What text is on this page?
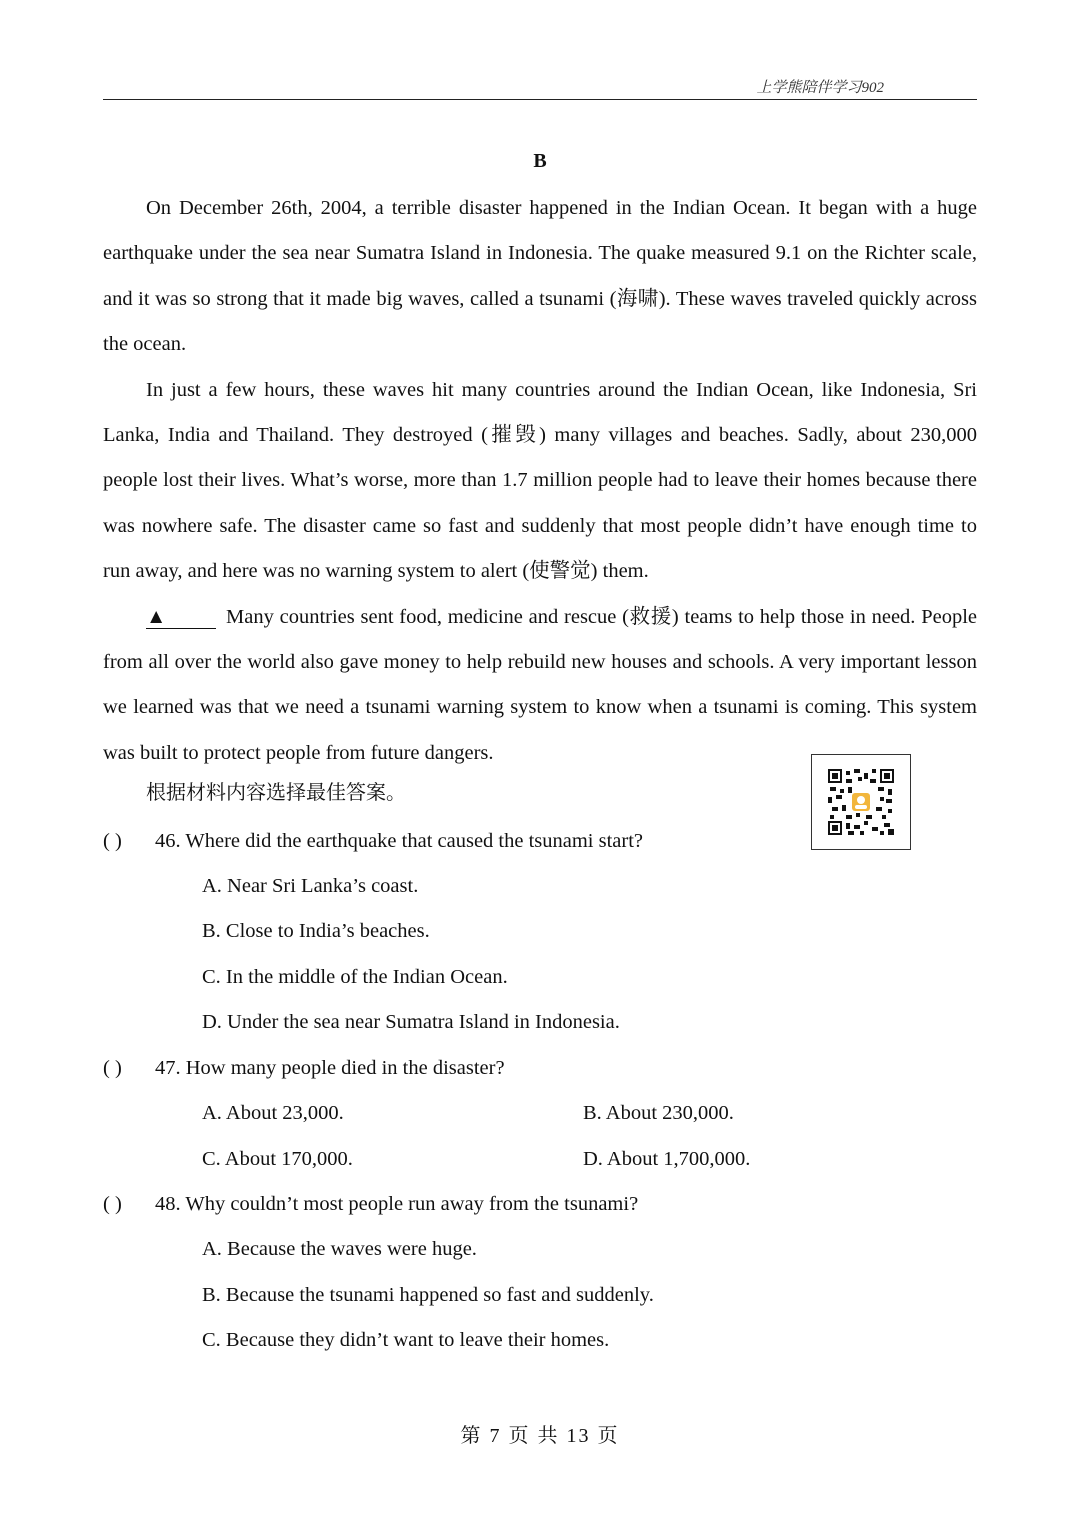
上学熊陪伴学习902
B

On December 26th, 2004, a terrible disaster happened in the Indian Ocean. It began with a huge earthquake under the sea near Sumatra Island in Indonesia. The quake measured 9.1 on the Richter scale, and it was so strong that it made big waves, called a tsunami (海啸). These waves traveled quickly across the ocean.

In just a few hours, these waves hit many countries around the Indian Ocean, like Indonesia, Sri Lanka, India and Thailand. They destroyed (摧毁) many villages and beaches. Sadly, about 230,000 people lost their lives. What’s worse, more than 1.7 million people had to leave their homes because there was nowhere safe. The disaster came so fast and suddenly that most people didn’t have enough time to run away, and here was no warning system to alert (使警觉) them.

▲	Many countries sent food, medicine and rescue (救援) teams to help those in need. People from all over the world also gave money to help rebuild new houses and schools. A very important lesson we learned was that we need a tsunami warning system to know when a tsunami is coming. This system was built to protect people from future dangers.

根据材料内容选择最佳答案。
( ) 46. Where did the earthquake that caused the tsunami start?
A. Near Sri Lanka’s coast.
B. Close to India’s beaches.
C. In the middle of the Indian Ocean.
D. Under the sea near Sumatra Island in Indonesia.
( ) 47. How many people died in the disaster?
A. About 23,000.	B. About 230,000.
C. About 170,000.	D. About 1,700,000.
( ) 48. Why couldn’t most people run away from the tsunami?
A. Because the waves were huge.
B. Because the tsunami happened so fast and suddenly.
C. Because they didn’t want to leave their homes.
第 7 页 共 13 页
